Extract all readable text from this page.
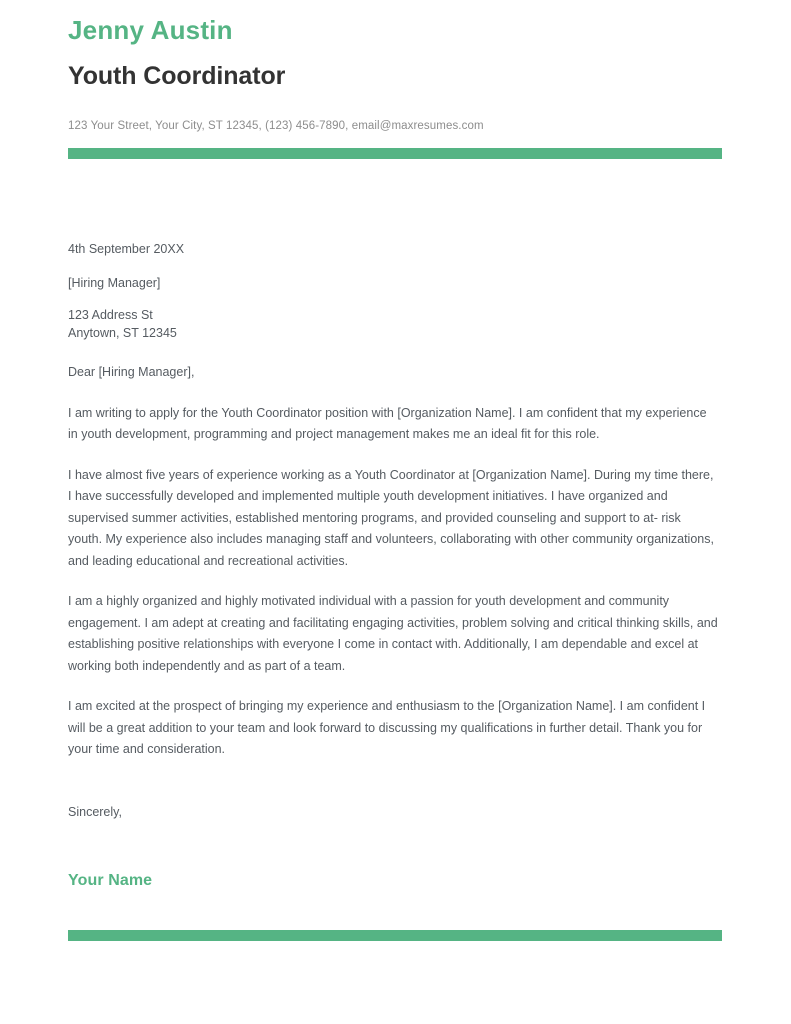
Jenny Austin
Youth Coordinator

123 Your Street, Your City, ST 12345, (123) 456-7890, email@maxresumes.com

4th September 20XX

[Hiring Manager]

123 Address St
Anytown, ST 12345

Dear [Hiring Manager],

I am writing to apply for the Youth Coordinator position with [Organization Name]. I am confident that my experience in youth development, programming and project management makes me an ideal fit for this role.

I have almost five years of experience working as a Youth Coordinator at [Organization Name]. During my time there, I have successfully developed and implemented multiple youth development initiatives. I have organized and supervised summer activities, established mentoring programs, and provided counseling and support to at- risk youth. My experience also includes managing staff and volunteers, collaborating with other community organizations, and leading educational and recreational activities.

I am a highly organized and highly motivated individual with a passion for youth development and community engagement. I am adept at creating and facilitating engaging activities, problem solving and critical thinking skills, and establishing positive relationships with everyone I come in contact with. Additionally, I am dependable and excel at working both independently and as part of a team.

I am excited at the prospect of bringing my experience and enthusiasm to the [Organization Name]. I am confident I will be a great addition to your team and look forward to discussing my qualifications in further detail. Thank you for your time and consideration.

Sincerely,

Your Name
